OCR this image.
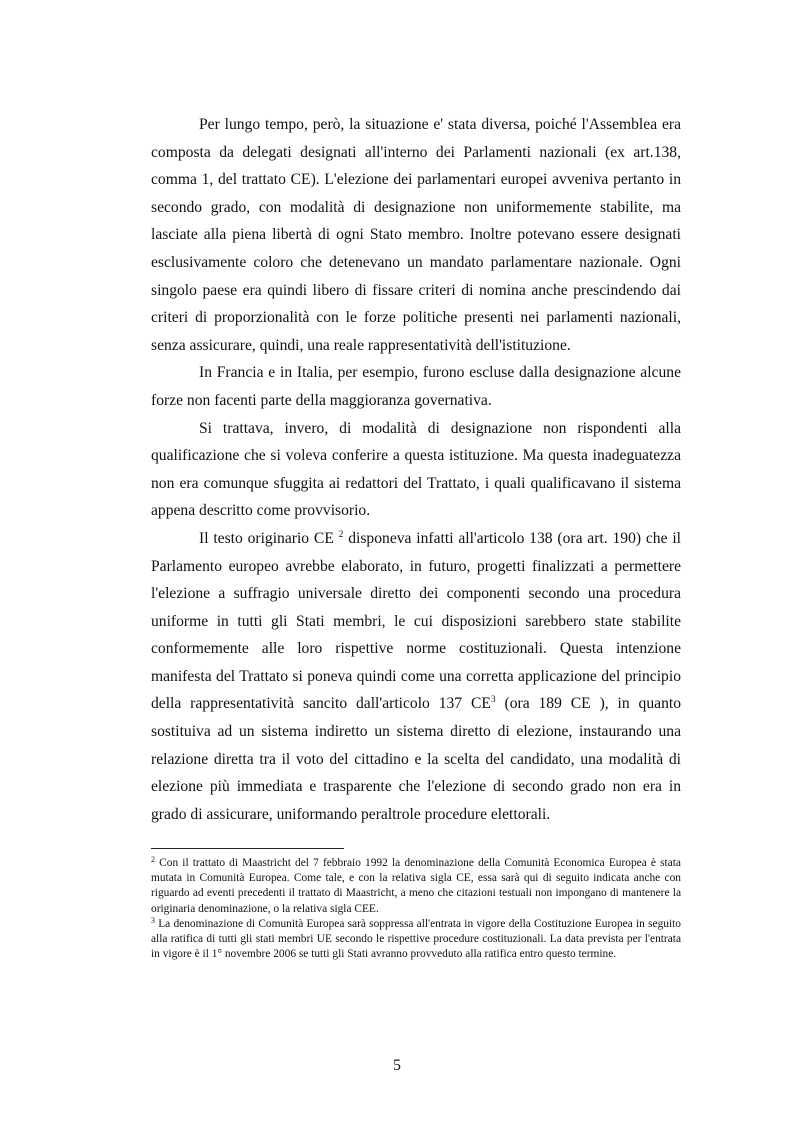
Per lungo tempo, però, la situazione e' stata diversa, poiché l'Assemblea era composta da delegati designati all'interno dei Parlamenti nazionali (ex art.138, comma 1, del trattato CE). L'elezione dei parlamentari europei avveniva pertanto in secondo grado, con modalità di designazione non uniformemente stabilite, ma lasciate alla piena libertà di ogni Stato membro. Inoltre potevano essere designati esclusivamente coloro che detenevano un mandato parlamentare nazionale. Ogni singolo paese era quindi libero di fissare criteri di nomina anche prescindendo dai criteri di proporzionalità con le forze politiche presenti nei parlamenti nazionali, senza assicurare, quindi, una reale rappresentatività dell'istituzione.

In Francia e in Italia, per esempio, furono escluse dalla designazione alcune forze non facenti parte della maggioranza governativa.

Si trattava, invero, di modalità di designazione non rispondenti alla qualificazione che si voleva conferire a questa istituzione. Ma questa inadeguatezza non era comunque sfuggita ai redattori del Trattato, i quali qualificavano il sistema appena descritto come provvisorio.

Il testo originario CE $^2$ disponeva infatti all'articolo 138 (ora art. 190) che il Parlamento europeo avrebbe elaborato, in futuro, progetti finalizzati a permettere l'elezione a suffragio universale diretto dei componenti secondo una procedura uniforme in tutti gli Stati membri, le cui disposizioni sarebbero state stabilite conformemente alle loro rispettive norme costituzionali. Questa intenzione manifesta del Trattato si poneva quindi come una corretta applicazione del principio della rappresentatività sancito dall'articolo 137 $CE^3$ (ora 189 CE ), in quanto sostituiva ad un sistema indiretto un sistema diretto di elezione, instaurando una relazione diretta tra il voto del cittadino e la scelta del candidato, una modalità di elezione più immediata e trasparente che l'elezione di secondo grado non era in grado di assicurare, uniformando peraltrole procedure elettorali.

$^2$ Con il trattato di Maastricht del 7 febbraio 1992 la denominazione della Comunità Economica Europea è stata mutata in Comunità Europea. Come tale, e con la relativa sigla CE, essa sarà qui di seguito indicata anche con riguardo ad eventi precedenti il trattato di Maastricht, a meno che citazioni testuali non impongano di mantenere la originaria denominazione, o la relativa sigla CEE.

$^3$ La denominazione di Comunità Europea sarà soppressa all'entrata in vigore della Costituzione Europea in seguito alla ratifica di tutti gli stati membri UE secondo le rispettive procedure costituzionali. La data prevista per l'entrata in vigore è il 1° novembre 2006 se tutti gli Stati avranno provveduto alla ratifica entro questo termine.

5
